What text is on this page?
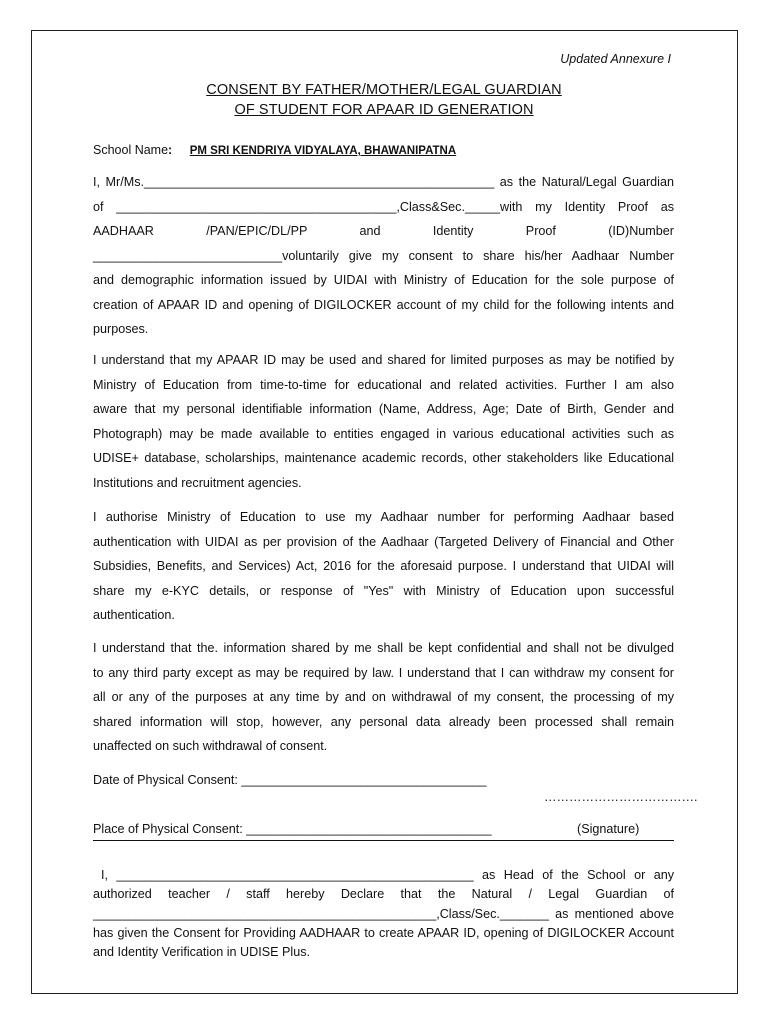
Updated Annexure I
CONSENT BY FATHER/MOTHER/LEGAL GUARDIAN
OF STUDENT FOR APAAR ID GENERATION
School Name: PM SRI KENDRIYA VIDYALAYA, BHAWANIPATNA
I, Mr/Ms.__________________________________________________ as the Natural/Legal Guardian
of ________________________________________,Class&Sec._____with my Identity Proof as
AADHAAR /PAN/EPIC/DL/PP and Identity Proof (ID)Number
___________________________voluntarily give my consent to share his/her Aadhaar Number
and demographic information issued by UIDAI with Ministry of Education for the sole purpose of
creation of APAAR ID and opening of DIGILOCKER account of my child for the following intents and
purposes.
I understand that my APAAR ID may be used and shared for limited purposes as may be notified by
Ministry of Education from time-to-time for educational and related activities. Further I am also
aware that my personal identifiable information (Name, Address, Age; Date of Birth, Gender and
Photograph) may be made available to entities engaged in various educational activities such as
UDISE+ database, scholarships, maintenance academic records, other stakeholders like Educational
Institutions and recruitment agencies.
I authorise Ministry of Education to use my Aadhaar number for performing Aadhaar based
authentication with UIDAI as per provision of the Aadhaar (Targeted Delivery of Financial and Other
Subsidies, Benefits, and Services) Act, 2016 for the aforesaid purpose. I understand that UIDAI will
share my e-KYC details, or response of "Yes" with Ministry of Education upon successful
authentication.
I understand that the. information shared by me shall be kept confidential and shall not be divulged
to any third party except as may be required by law. I understand that I can withdraw my consent for
all or any of the purposes at any time by and on withdrawal of my consent, the processing of my
shared information will stop, however, any personal data already been processed shall remain
unaffected on such withdrawal of consent.
Date of Physical Consent: ___________________________________
……………………………….
Place of Physical Consent: ___________________________________	(Signature)
I, ___________________________________________________ as Head of the School or any
authorized teacher / staff hereby Declare that the Natural / Legal Guardian of
_________________________________________________,Class/Sec._______ as mentioned above
has given the Consent for Providing AADHAAR to create APAAR ID, opening of DIGILOCKER Account
and Identity Verification in UDISE Plus.
